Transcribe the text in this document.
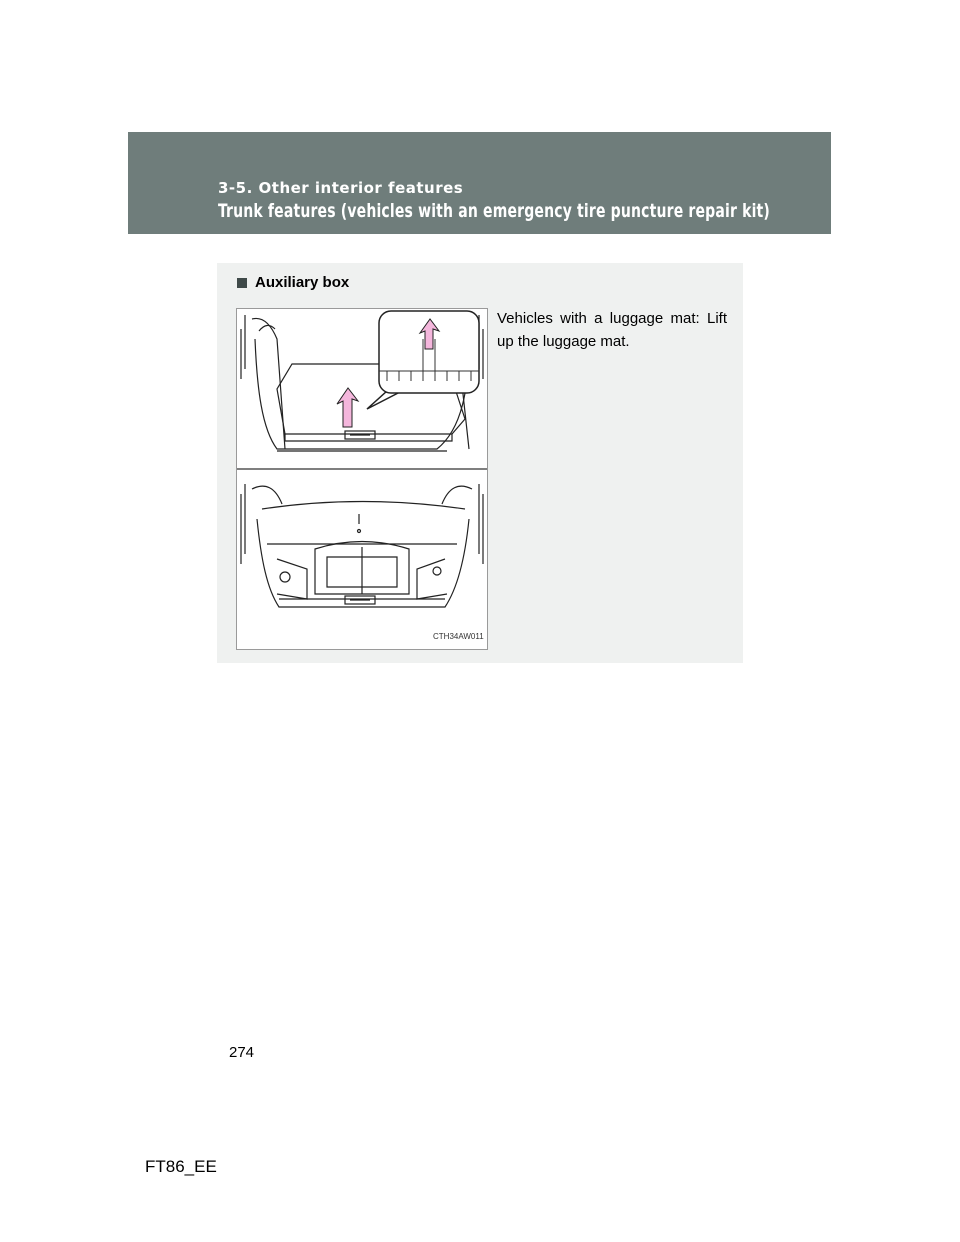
3-5. Other interior features
Trunk features (vehicles with an emergency tire puncture repair kit)
Auxiliary box
CTH34AW011
Vehicles with a luggage mat: Lift up the luggage mat.
274
FT86_EE
